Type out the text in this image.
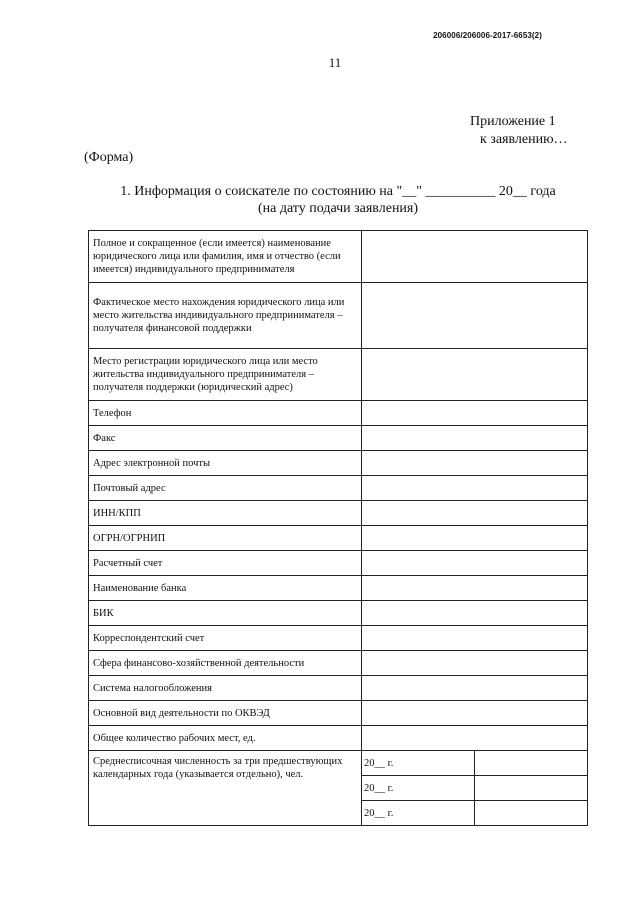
206006/206006-2017-6653(2)
11
Приложение 1
к заявлению…
(Форма)
1. Информация о соискателе по состоянию на "__" __________ 20__ года
(на дату подачи заявления)
Полное и сокращенное (если имеется) наименование юридического лица или фамилия, имя и отчество (если имеется) индивидуального предпринимателя		
Фактическое место нахождения юридического лица или место жительства индивидуального предпринимателя – получателя финансовой поддержки		
Место регистрации юридического лица или место жительства индивидуального предпринимателя – получателя поддержки (юридический адрес)		
Телефон		
Факс		
Адрес электронной почты		
Почтовый адрес		
ИНН/КПП		
ОГРН/ОГРНИП		
Расчетный счет		
Наименование банка		
БИК		
Корреспондентский счет		
Сфера финансово-хозяйственной деятельности		
Система налогообложения		
Основной вид деятельности по ОКВЭД		
Общее количество рабочих мест, ед.		
Среднесписочная численность за три предшествующих календарных года (указывается отдельно), чел.	20__ г.	
	20__ г.	
	20__ г.	
